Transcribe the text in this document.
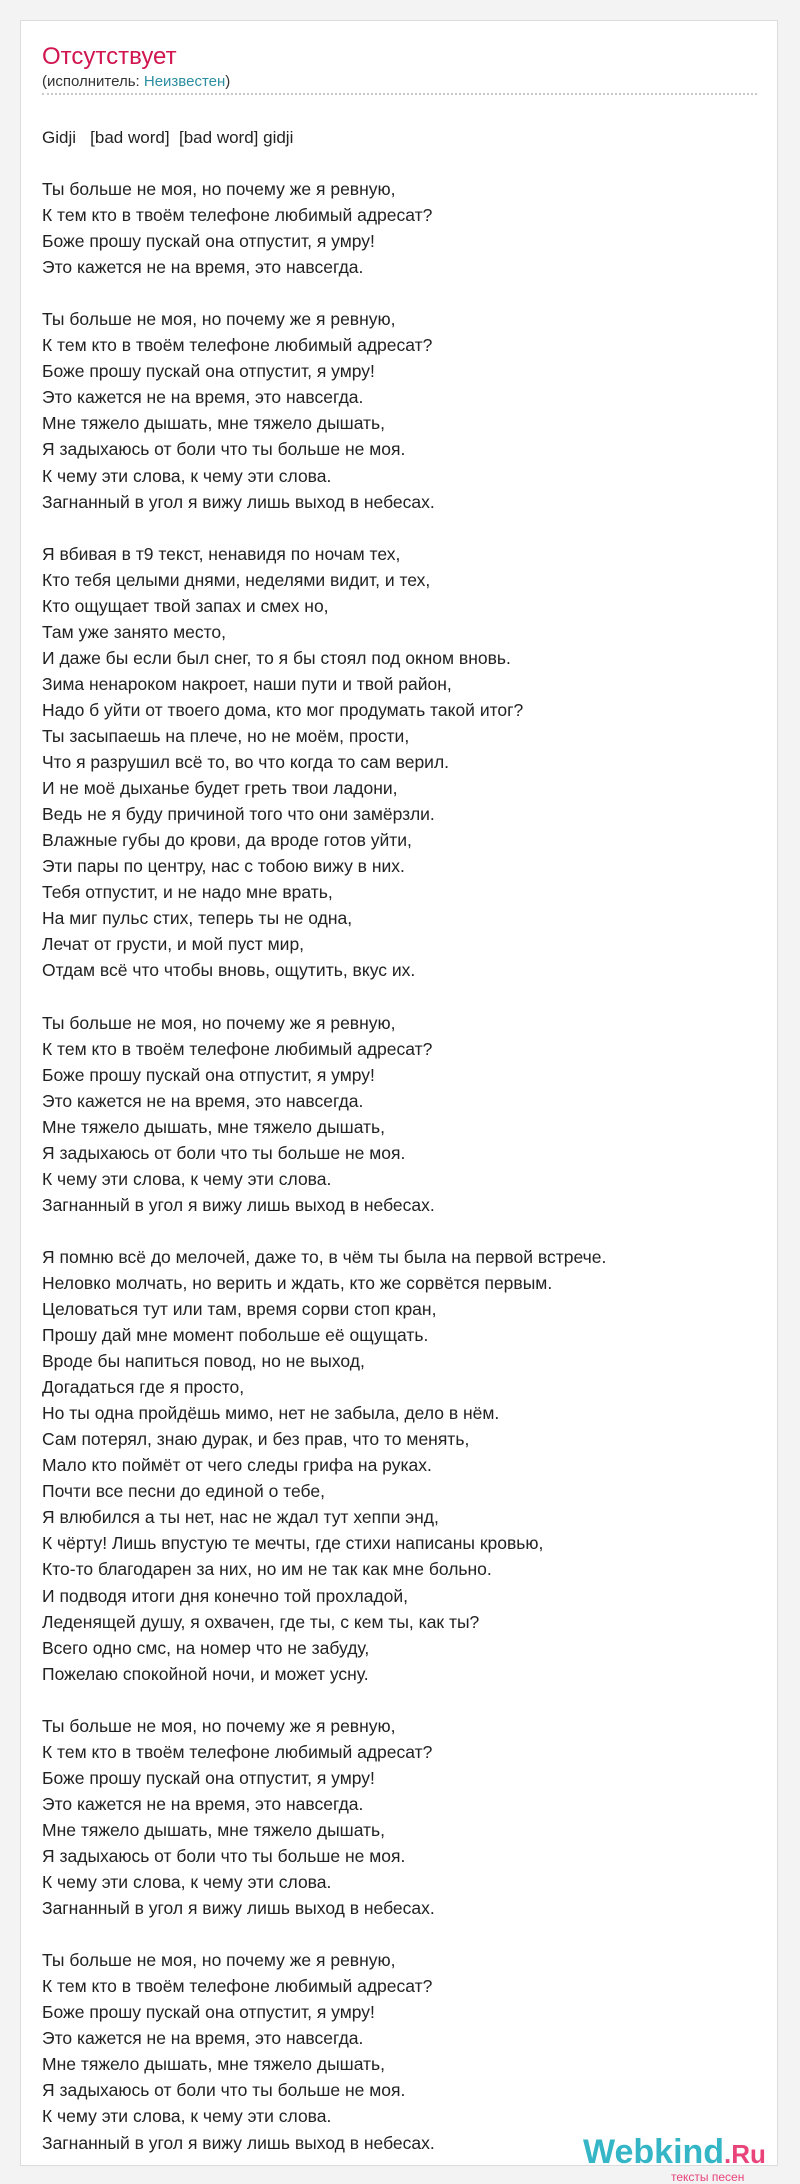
Отсутствует
(исполнитель: Неизвестен)
Gidji   [bad word]  [bad word] gidji
Ты больше не моя, но почему же я ревную,
К тем кто в твоём телефоне любимый адресат?
Боже прошу пускай она отпустит, я умру!
Это кажется не на время, это навсегда.
Ты больше не моя, но почему же я ревную,
К тем кто в твоём телефоне любимый адресат?
Боже прошу пускай она отпустит, я умру!
Это кажется не на время, это навсегда.
Мне тяжело дышать, мне тяжело дышать,
Я задыхаюсь от боли что ты больше не моя.
К чему эти слова, к чему эти слова.
Загнанный в угол я вижу лишь выход в небесах.
Я вбивая в т9 текст, ненавидя по ночам тех,
Кто тебя целыми днями, неделями видит, и тех,
Кто ощущает твой запах и смех но,
Там уже занято место,
И даже бы если был снег, то я бы стоял под окном вновь.
Зима ненароком накроет, наши пути и твой район,
Надо б уйти от твоего дома, кто мог продумать такой итог?
Ты засыпаешь на плече, но не моём, прости,
Что я разрушил всё то, во что когда то сам верил.
И не моё дыханье будет греть твои ладони,
Ведь не я буду причиной того что они замёрзли.
Влажные губы до крови, да вроде готов уйти,
Эти пары по центру, нас с тобою вижу в них.
Тебя отпустит, и не надо мне врать,
На миг пульс стих, теперь ты не одна,
Лечат от грусти, и мой пуст мир,
Отдам всё что чтобы вновь, ощутить, вкус их.
Ты больше не моя, но почему же я ревную,
К тем кто в твоём телефоне любимый адресат?
Боже прошу пускай она отпустит, я умру!
Это кажется не на время, это навсегда.
Мне тяжело дышать, мне тяжело дышать,
Я задыхаюсь от боли что ты больше не моя.
К чему эти слова, к чему эти слова.
Загнанный в угол я вижу лишь выход в небесах.
Я помню всё до мелочей, даже то, в чём ты была на первой встрече.
Неловко молчать, но верить и ждать, кто же сорвётся первым.
Целоваться тут или там, время сорви стоп кран,
Прошу дай мне момент побольше её ощущать.
Вроде бы напиться повод, но не выход,
Догадаться где я просто,
Но ты одна пройдёшь мимо, нет не забыла, дело в нём.
Сам потерял, знаю дурак, и без прав, что то менять,
Мало кто поймёт от чего следы грифа на руках.
Почти все песни до единой о тебе,
Я влюбился а ты нет, нас не ждал тут хеппи энд,
К чёрту! Лишь впустую те мечты, где стихи написаны кровью,
Кто-то благодарен за них, но им не так как мне больно.
И подводя итоги дня конечно той прохладой,
Леденящей душу, я охвачен, где ты, с кем ты, как ты?
Всего одно смс, на номер что не забуду,
Пожелаю спокойной ночи, и может усну.
Ты больше не моя, но почему же я ревную,
К тем кто в твоём телефоне любимый адресат?
Боже прошу пускай она отпустит, я умру!
Это кажется не на время, это навсегда.
Мне тяжело дышать, мне тяжело дышать,
Я задыхаюсь от боли что ты больше не моя.
К чему эти слова, к чему эти слова.
Загнанный в угол я вижу лишь выход в небесах.
Ты больше не моя, но почему же я ревную,
К тем кто в твоём телефоне любимый адресат?
Боже прошу пускай она отпустит, я умру!
Это кажется не на время, это навсегда.
Мне тяжело дышать, мне тяжело дышать,
Я задыхаюсь от боли что ты больше не моя.
К чему эти слова, к чему эти слова.
Загнанный в угол я вижу лишь выход в небесах.	Webkind.Ru
тексты песен
